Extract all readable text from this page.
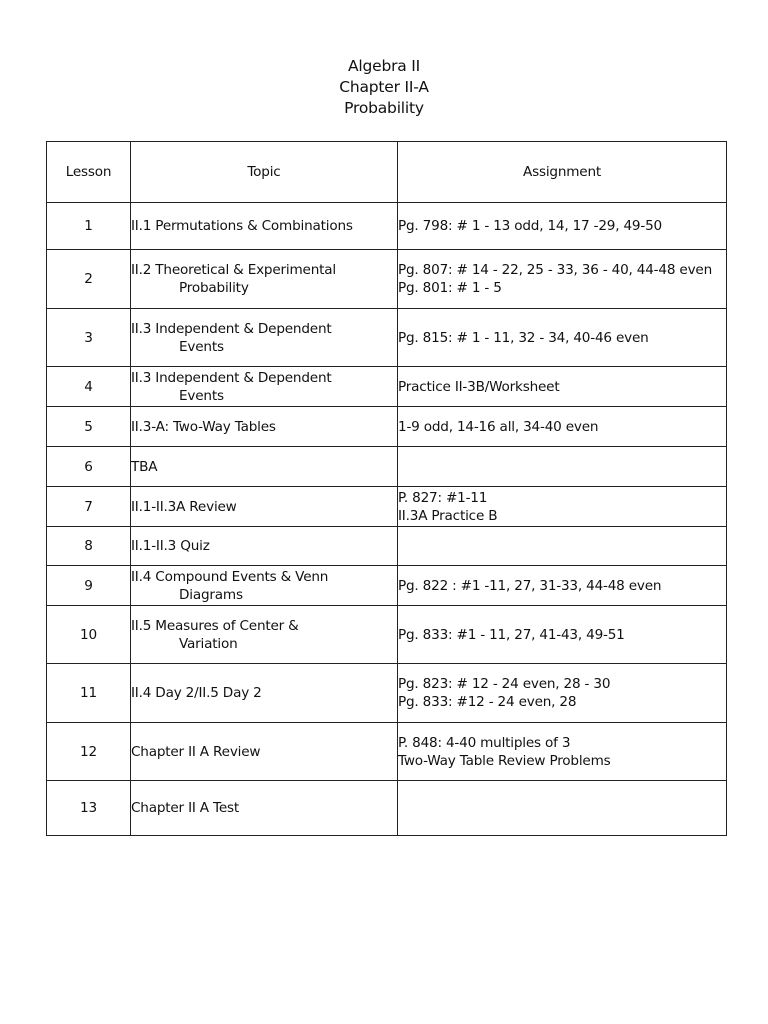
Algebra II
Chapter II-A
Probability
Lesson	Topic	Assignment
1	II.1 Permutations & Combinations	Pg. 798: # 1 - 13 odd, 14, 17 -29, 49-50

2	II.2 Theoretical & Experimental
Probability	Pg. 807: # 14 - 22, 25 - 33, 36 - 40, 44-48 even
Pg. 801: # 1 - 5

3	II.3 Independent & Dependent
Events	Pg. 815: # 1 - 11, 32 - 34, 40-46 even

4	II.3 Independent & Dependent
Events	Practice II-3B/Worksheet

5	II.3-A: Two-Way Tables	1-9 odd, 14-16 all, 34-40 even

6	TBA	

7	II.1-II.3A Review	P. 827: #1-11
II.3A Practice B

8	II.1-II.3 Quiz	

9	II.4 Compound Events & Venn
Diagrams	Pg. 822 : #1 -11, 27, 31-33, 44-48 even

10	II.5 Measures of Center &
Variation	Pg. 833: #1 - 11, 27, 41-43, 49-51

11	II.4 Day 2/II.5 Day 2	Pg. 823: # 12 - 24 even, 28 - 30
Pg. 833: #12 - 24 even, 28

12	Chapter II A Review	P. 848: 4-40 multiples of 3
Two-Way Table Review Problems

13	Chapter II A Test	
